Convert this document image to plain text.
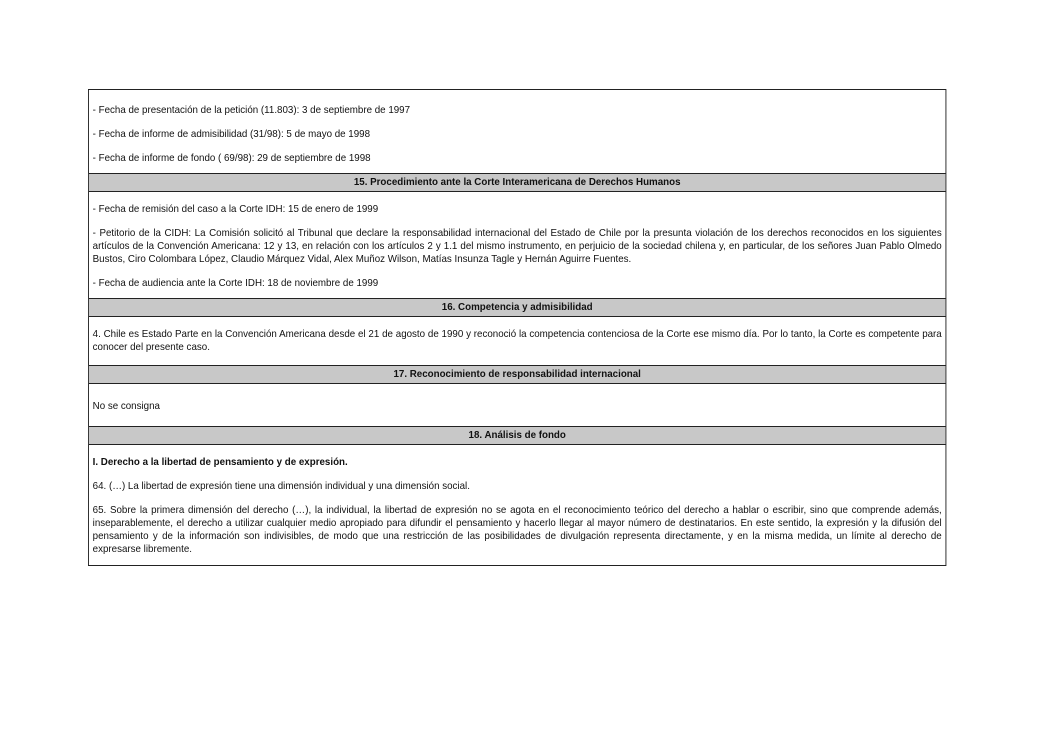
- Fecha de presentación de la petición (11.803): 3 de septiembre de 1997

- Fecha de informe de admisibilidad (31/98): 5 de mayo de 1998

- Fecha de informe de fondo ( 69/98): 29 de septiembre de 1998

15. Procedimiento ante la Corte Interamericana de Derechos Humanos

- Fecha de remisión del caso a la Corte IDH: 15 de enero de 1999

- Petitorio de la CIDH: La Comisión solicitó al Tribunal que declare la responsabilidad internacional del Estado de Chile por la presunta violación de los derechos reconocidos en los siguientes artículos de la Convención Americana: 12 y 13, en relación con los artículos 2 y 1.1 del mismo instrumento, en perjuicio de la sociedad chilena y, en particular, de los señores Juan Pablo Olmedo Bustos, Ciro Colombara López, Claudio Márquez Vidal, Alex Muñoz Wilson, Matías Insunza Tagle y Hernán Aguirre Fuentes.

- Fecha de audiencia ante la Corte IDH: 18 de noviembre de 1999

16. Competencia y admisibilidad

4. Chile es Estado Parte en la Convención Americana desde el 21 de agosto de 1990 y reconoció la competencia contenciosa de la Corte ese mismo día. Por lo tanto, la Corte es competente para conocer del presente caso.

17. Reconocimiento de responsabilidad internacional

No se consigna

18. Análisis de fondo

I. Derecho a la libertad de pensamiento y de expresión.

64. (…) La libertad de expresión tiene una dimensión individual y una dimensión social.

65. Sobre la primera dimensión del derecho (…), la individual, la libertad de expresión no se agota en el reconocimiento teórico del derecho a hablar o escribir, sino que comprende además, inseparablemente, el derecho a utilizar cualquier medio apropiado para difundir el pensamiento y hacerlo llegar al mayor número de destinatarios. En este sentido, la expresión y la difusión del pensamiento y de la información son indivisibles, de modo que una restricción de las posibilidades de divulgación representa directamente, y en la misma medida, un límite al derecho de expresarse libremente.
